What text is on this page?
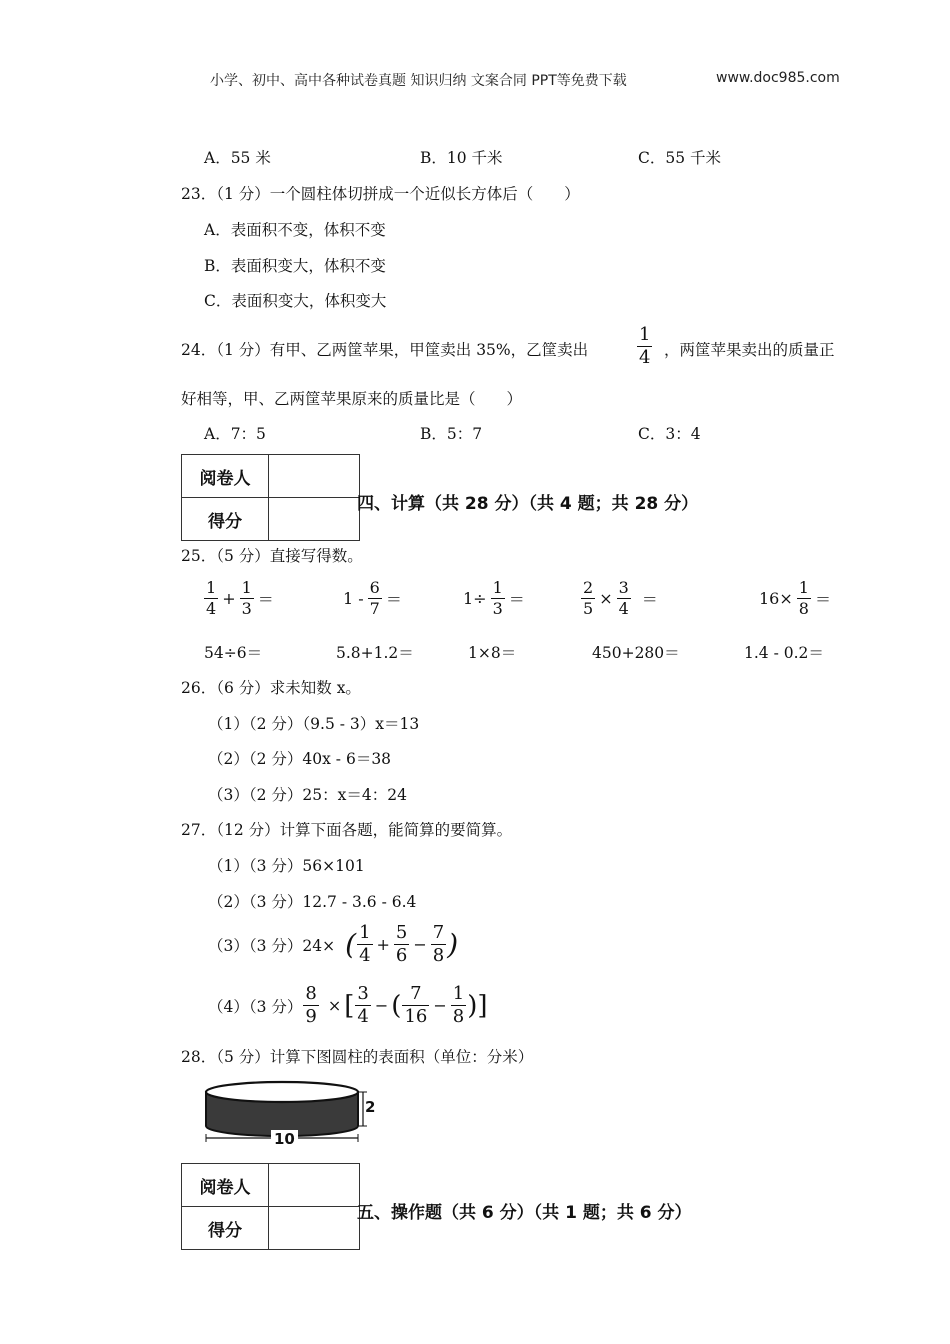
小学、初中、高中各种试卷真题 知识归纳 文案合同 PPT等免费下载	www.doc985.com
A．55 米	B．10 千米	C．55 千米
23．（1 分）一个圆柱体切拼成一个近似长方体后（　　）
A．表面积不变，体积不变
B．表面积变大，体积不变
C．表面积变大，体积变大
24．（1 分）有甲、乙两筐苹果，甲筐卖出 35%，乙筐卖出	$\frac{1}{4}$ ，两筐苹果卖出的质量正
好相等，甲、乙两筐苹果原来的质量比是（　　）
A．7：5	B．5：7	C．3：4
阅卷人	
得分	
四、计算（共 28 分）（共 4 题；共 28 分）
25．（5 分）直接写得数。
$\frac{1}{4} + \frac{1}{3}$ ＝	$1 - \frac{6}{7}$ ＝	$1\div \frac{1}{3}$ ＝	$\frac{2}{5} \times \frac{3}{4}$ ＝	$16\times \frac{1}{8}$ ＝
54÷6＝	5.8+1.2＝	1×8＝	450+280＝	1.4 - 0.2＝
26．（6 分）求未知数 x。
（1）（2 分）（9.5 - 3）x＝13
（2）（2 分）40x - 6＝38
（3）（2 分）25：x＝4：24
27．（12 分）计算下面各题，能简算的要简算。
（1）（3 分）56×101
（2）（3 分）12.7 - 3.6 - 6.4
（3）（3 分）24× ( $\frac{1}{4} + \frac{5}{6} - \frac{7}{8}$ )
（4）（3 分） $\frac{8}{9}$ × [ $\frac{3}{4}$ − ( $\frac{7}{16} - \frac{1}{8}$ ) ]
28．（5 分）计算下图圆柱的表面积（单位：分米）
2
10
阅卷人	
得分	
五、操作题（共 6 分）（共 1 题；共 6 分）
